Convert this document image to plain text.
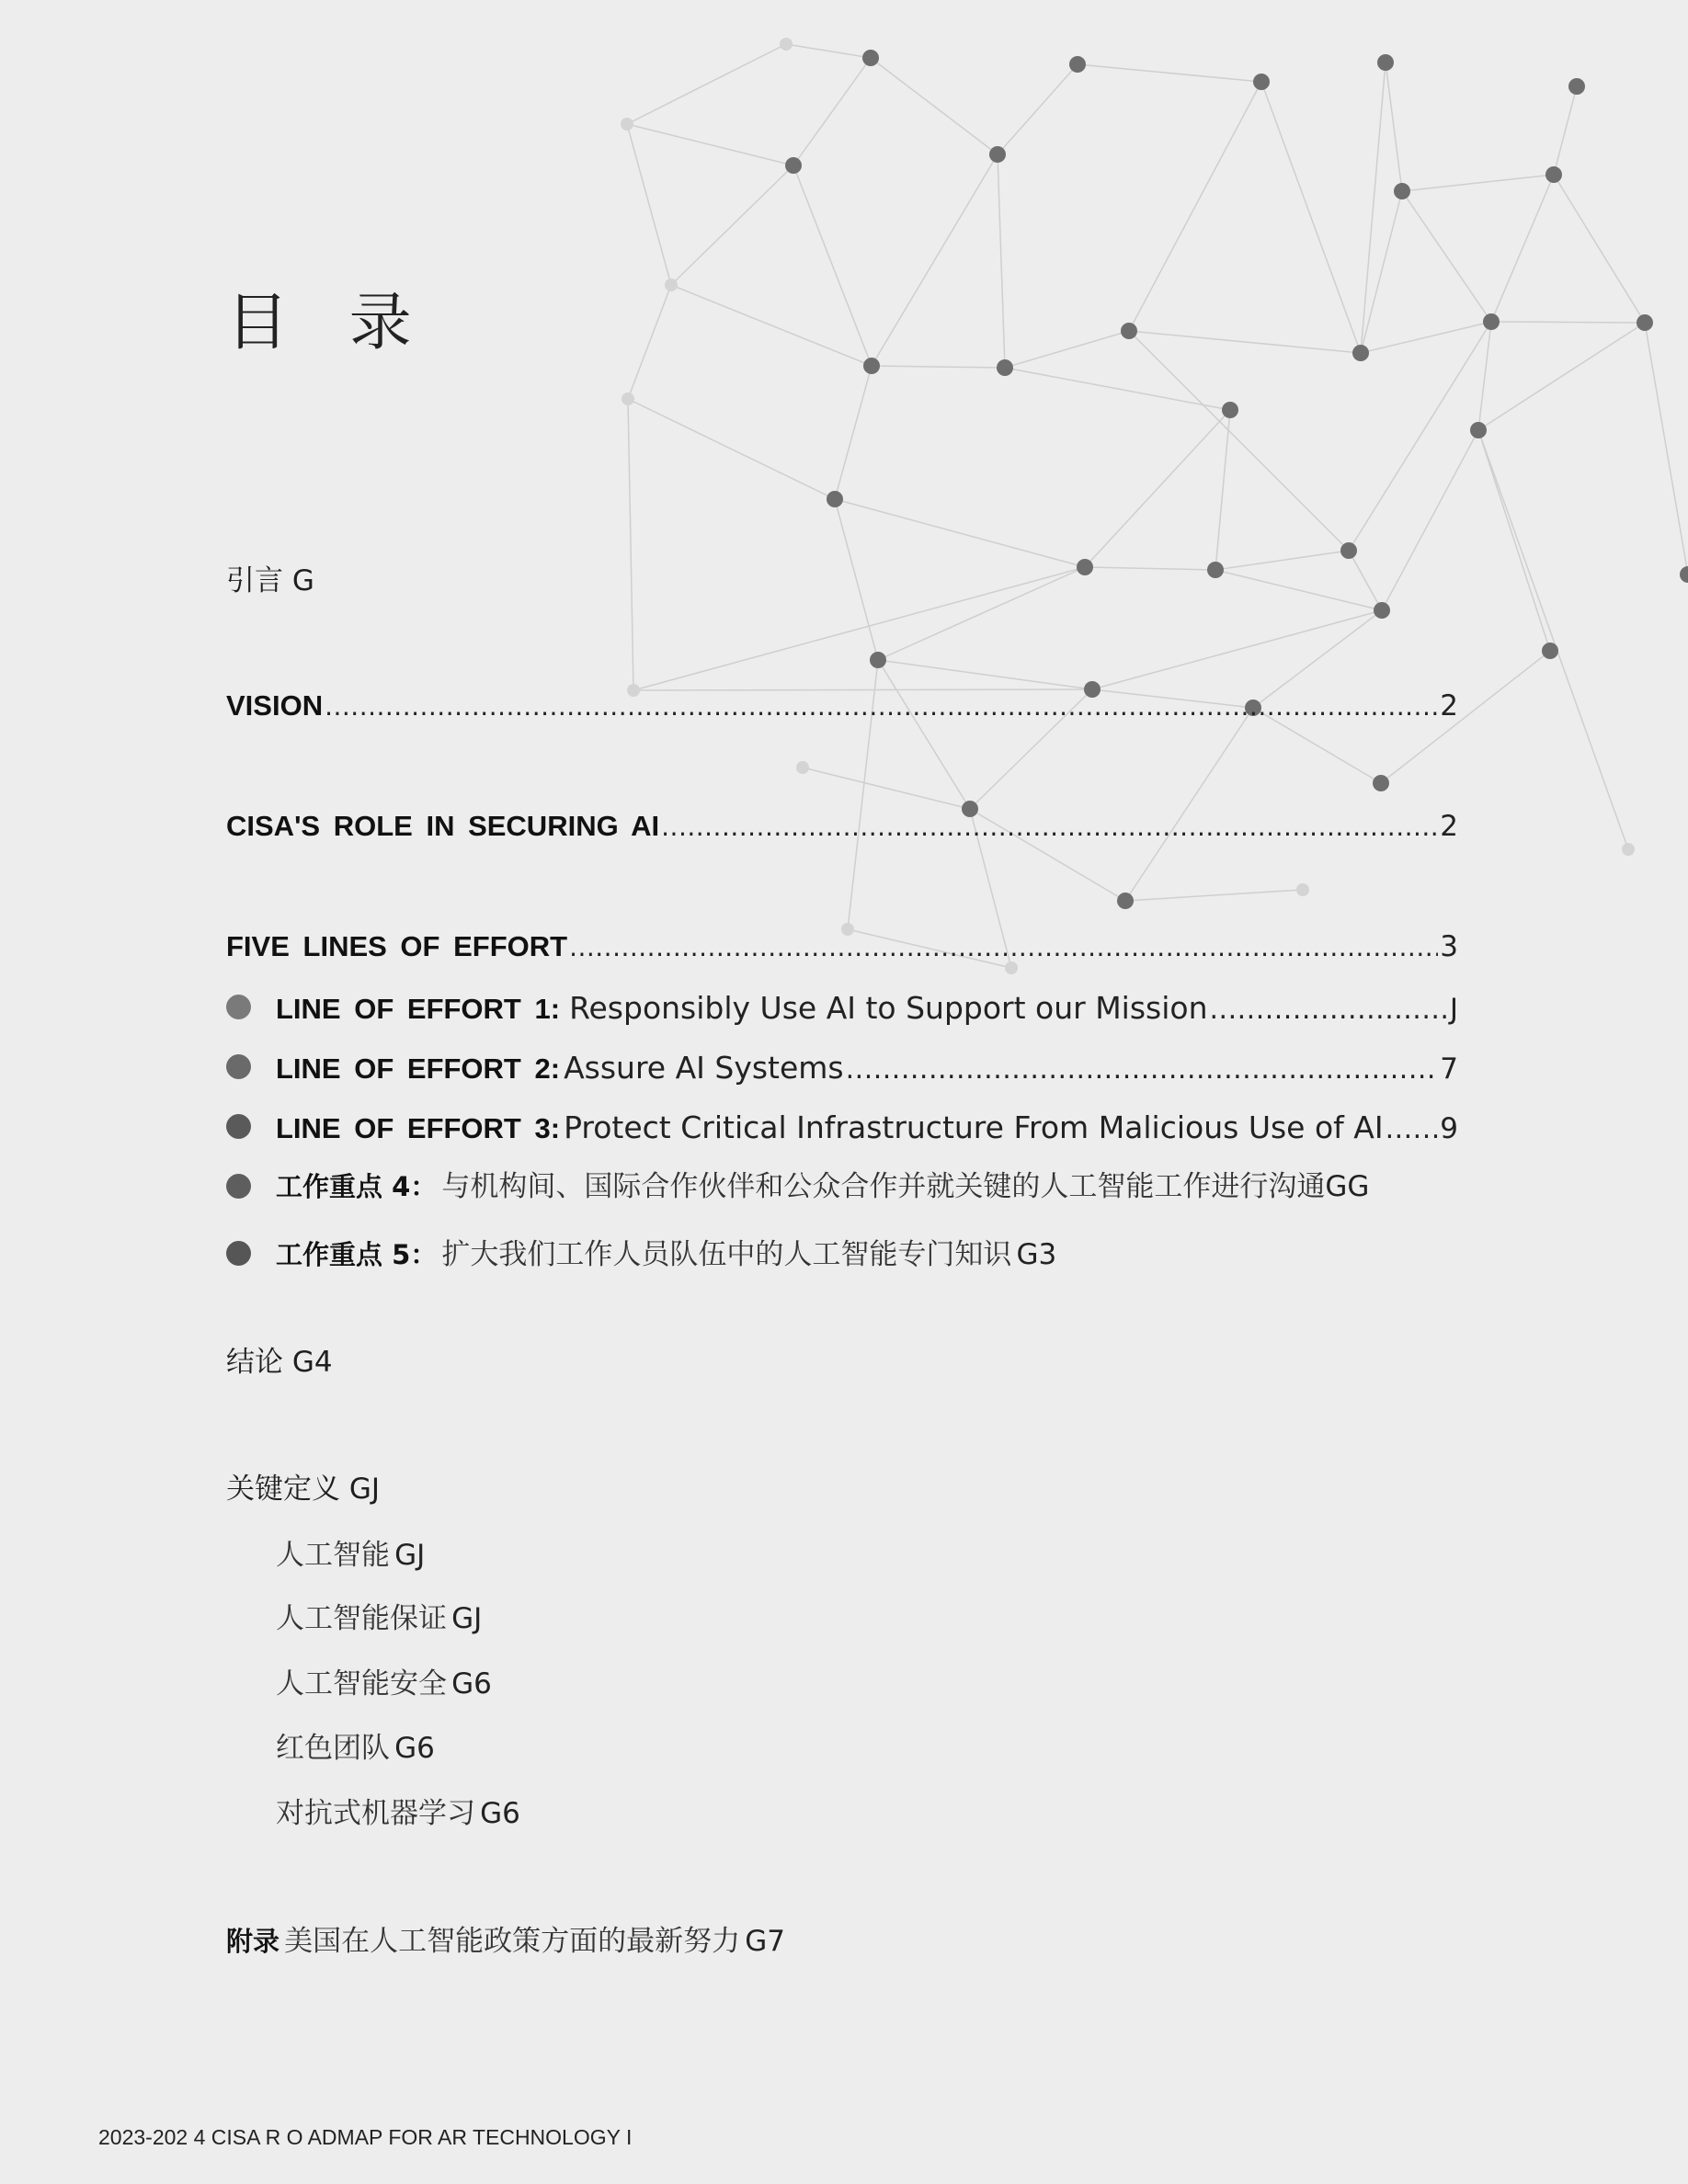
目 录
引言 G
VISION .....	2
CISA'S ROLE IN SECURING AI .....	2
FIVE LINES OF EFFORT .....	3
LINE OF EFFORT 1: Responsibly Use AI to Support our Mission .....	J
LINE OF EFFORT 2: Assure AI Systems .....	7
LINE OF EFFORT 3: Protect Critical Infrastructure From Malicious Use of AI ..... 9
工作重点 4： 与机构间、国际合作伙伴和公众合作并就关键的人工智能工作进行沟通GG
工作重点 5： 扩大我们工作人员队伍中的人工智能专门知识 G3
结论 G4
关键定义 GJ
人工智能 GJ
人工智能保证 GJ
人工智能安全 G6
红色团队 G6
对抗式机器学习 G6
附录 美国在人工智能政策方面的最新努力 G7
2023-202 4 CISA R O ADMAP FOR AR TECHNOLOGY I
